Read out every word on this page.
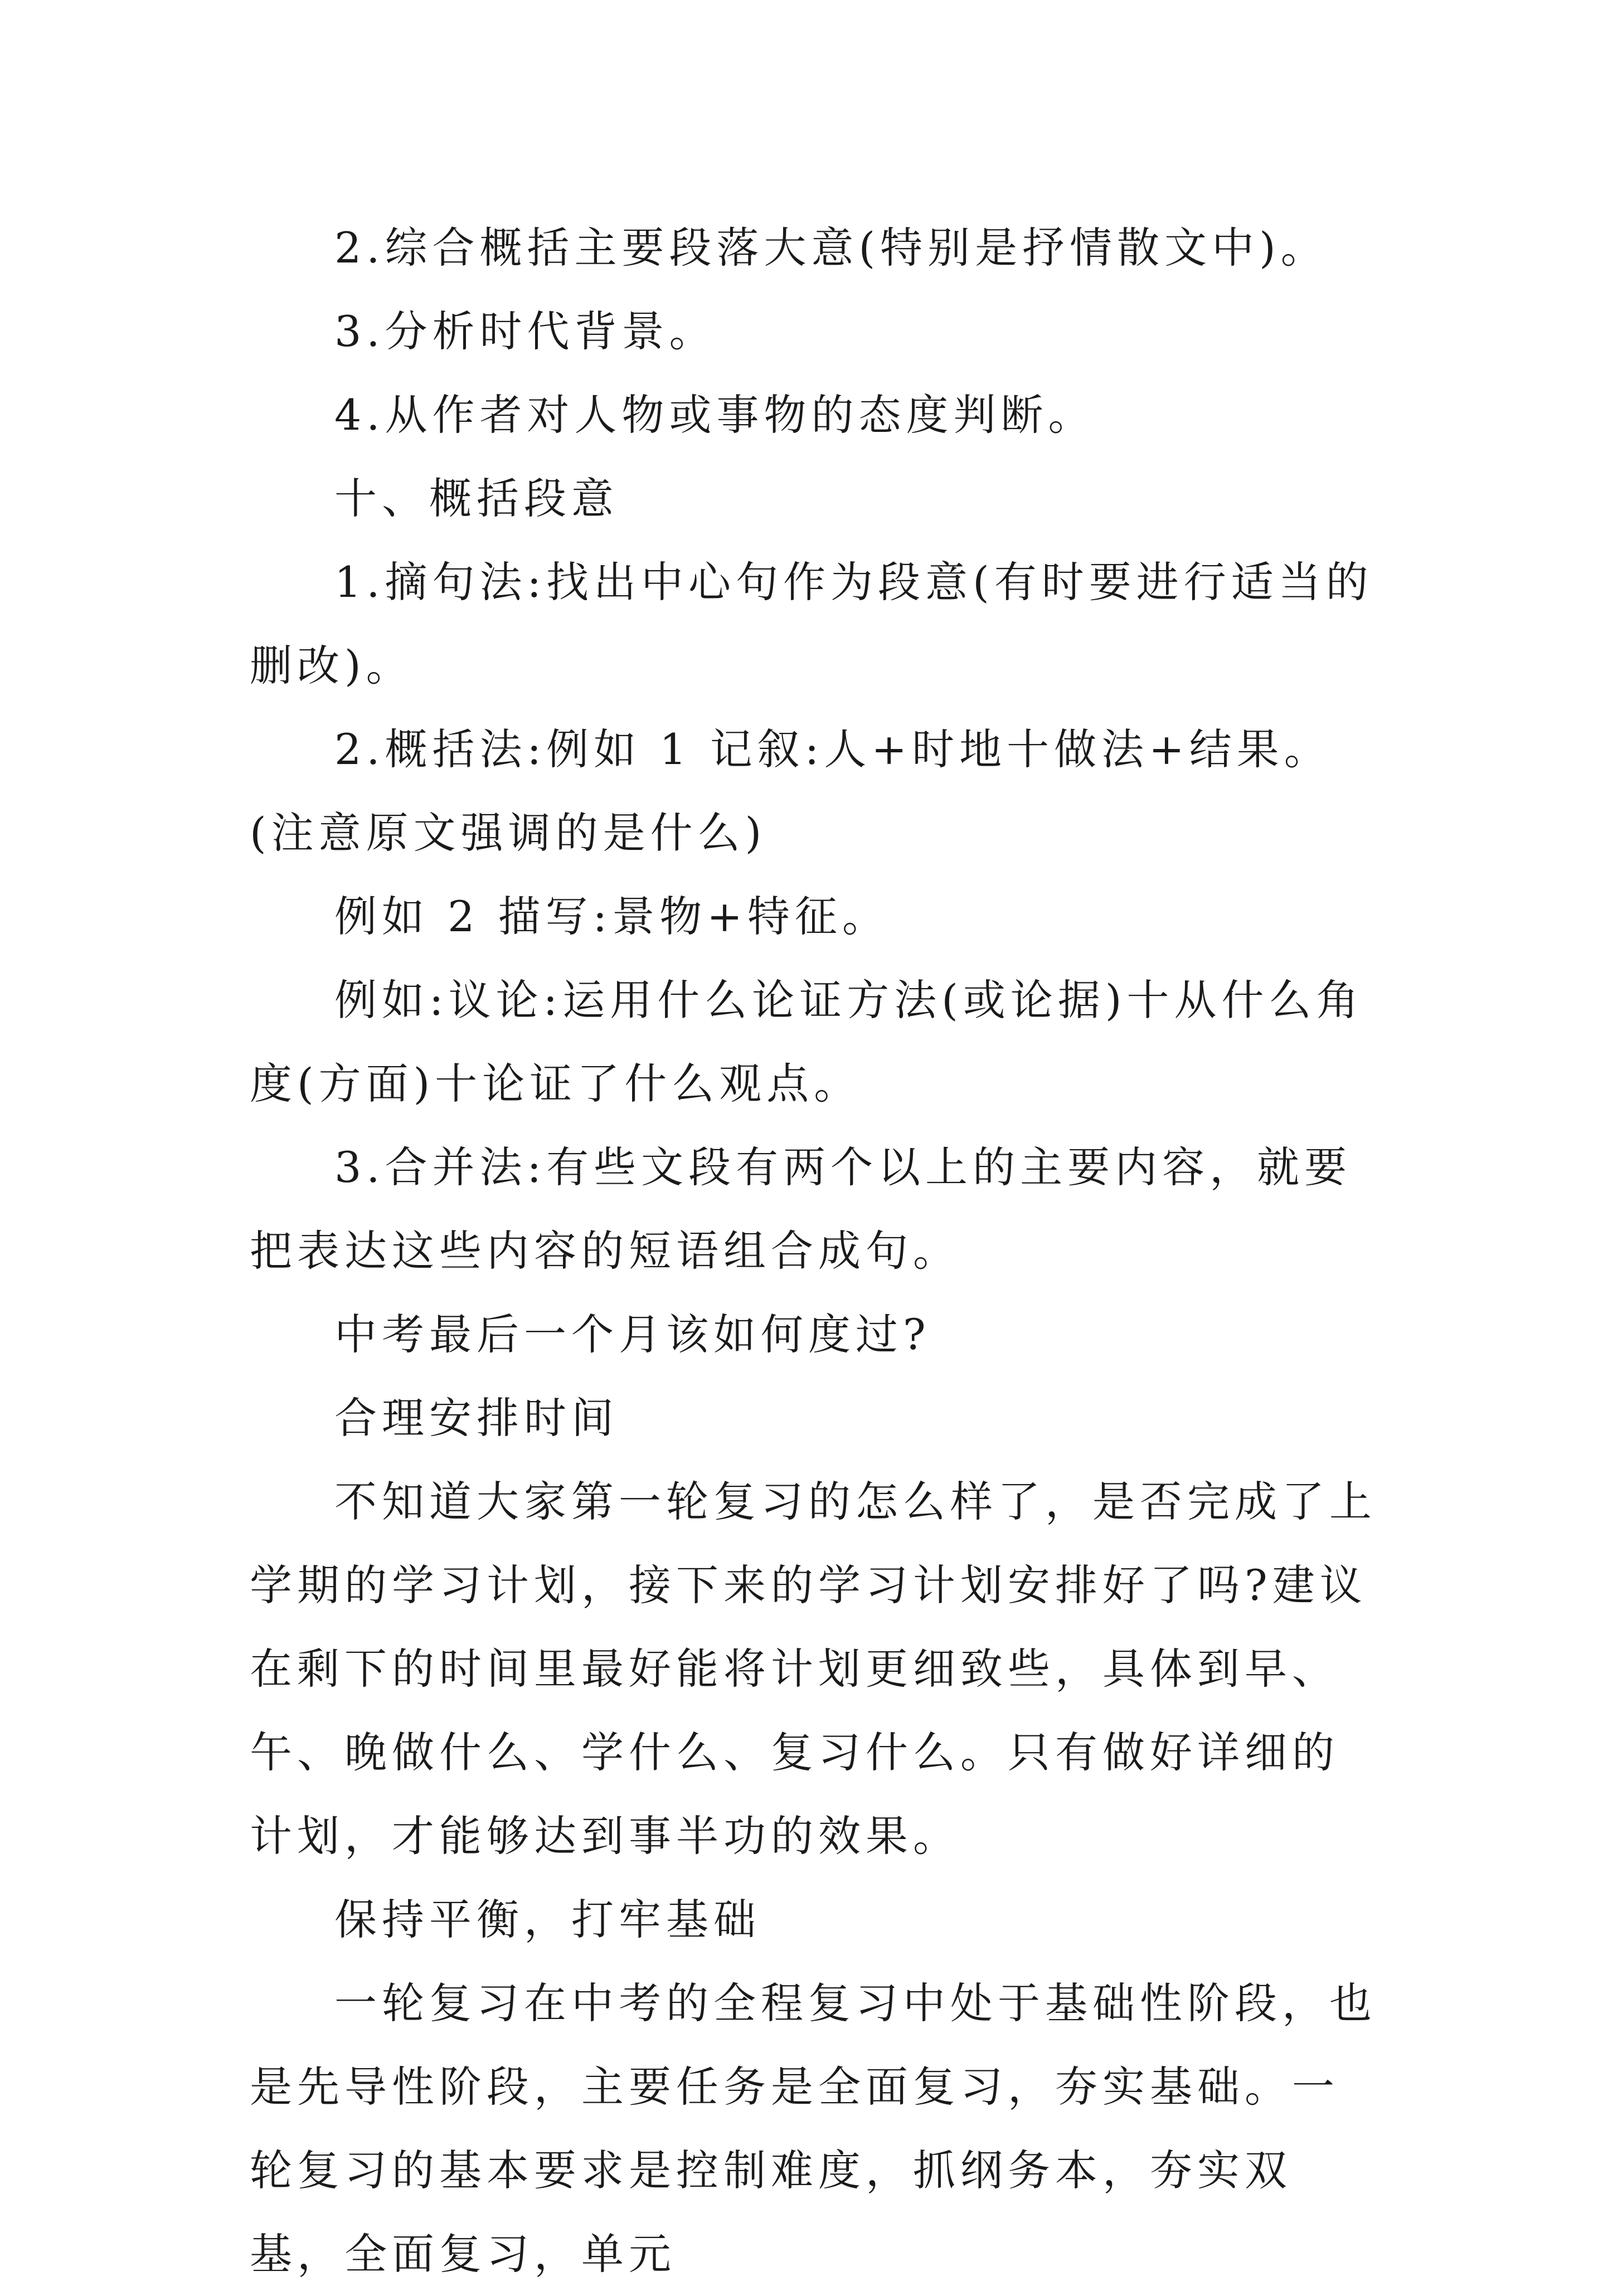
2.综合概括主要段落大意(特别是抒情散文中)。

3.分析时代背景。

4.从作者对人物或事物的态度判断。

十、概括段意

1.摘句法:找出中心句作为段意(有时要进行适当的删改)。

2.概括法:例如 1 记叙:人+时地十做法+结果。(注意原文强调的是什么)

例如 2 描写:景物+特征。

例如:议论:运用什么论证方法(或论据)十从什么角度(方面)十论证了什么观点。

3.合并法:有些文段有两个以上的主要内容，就要把表达这些内容的短语组合成句。

中考最后一个月该如何度过?

合理安排时间

不知道大家第一轮复习的怎么样了，是否完成了上学期的学习计划，接下来的学习计划安排好了吗?建议在剩下的时间里最好能将计划更细致些，具体到早、午、晚做什么、学什么、复习什么。只有做好详细的计划，才能够达到事半功的效果。

保持平衡，打牢基础

一轮复习在中考的全程复习中处于基础性阶段，也是先导性阶段，主要任务是全面复习，夯实基础。一轮复习的基本要求是控制难度，抓纲务本，夯实双基，全面复习，单元
